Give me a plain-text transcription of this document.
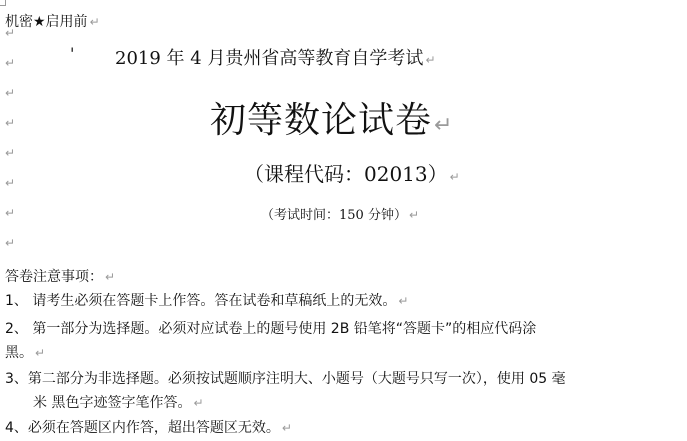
机密★启用前 ↵
↵
↵
↵
↵
↵
↵
↵
↵
' 2019 年 4 月贵州省高等教育自学考试 ↵
初等数论试卷↵
（课程代码：02013） ↵
（考试时间：150 分钟） ↵
答卷注意事项： ↵
1、 请考生必须在答题卡上作答。答在试卷和草稿纸上的无效。 ↵
2、 第一部分为选择题。必须对应试卷上的题号使用 2B 铅笔将“答题卡”的相应代码涂
黑。 ↵
3、第二部分为非选择题。必须按试题顺序注明大、小题号（大题号只写一次），使用 05 毫
米 黑色字迹签字笔作答。 ↵
4、必须在答题区内作答，超出答题区无效。 ↵
